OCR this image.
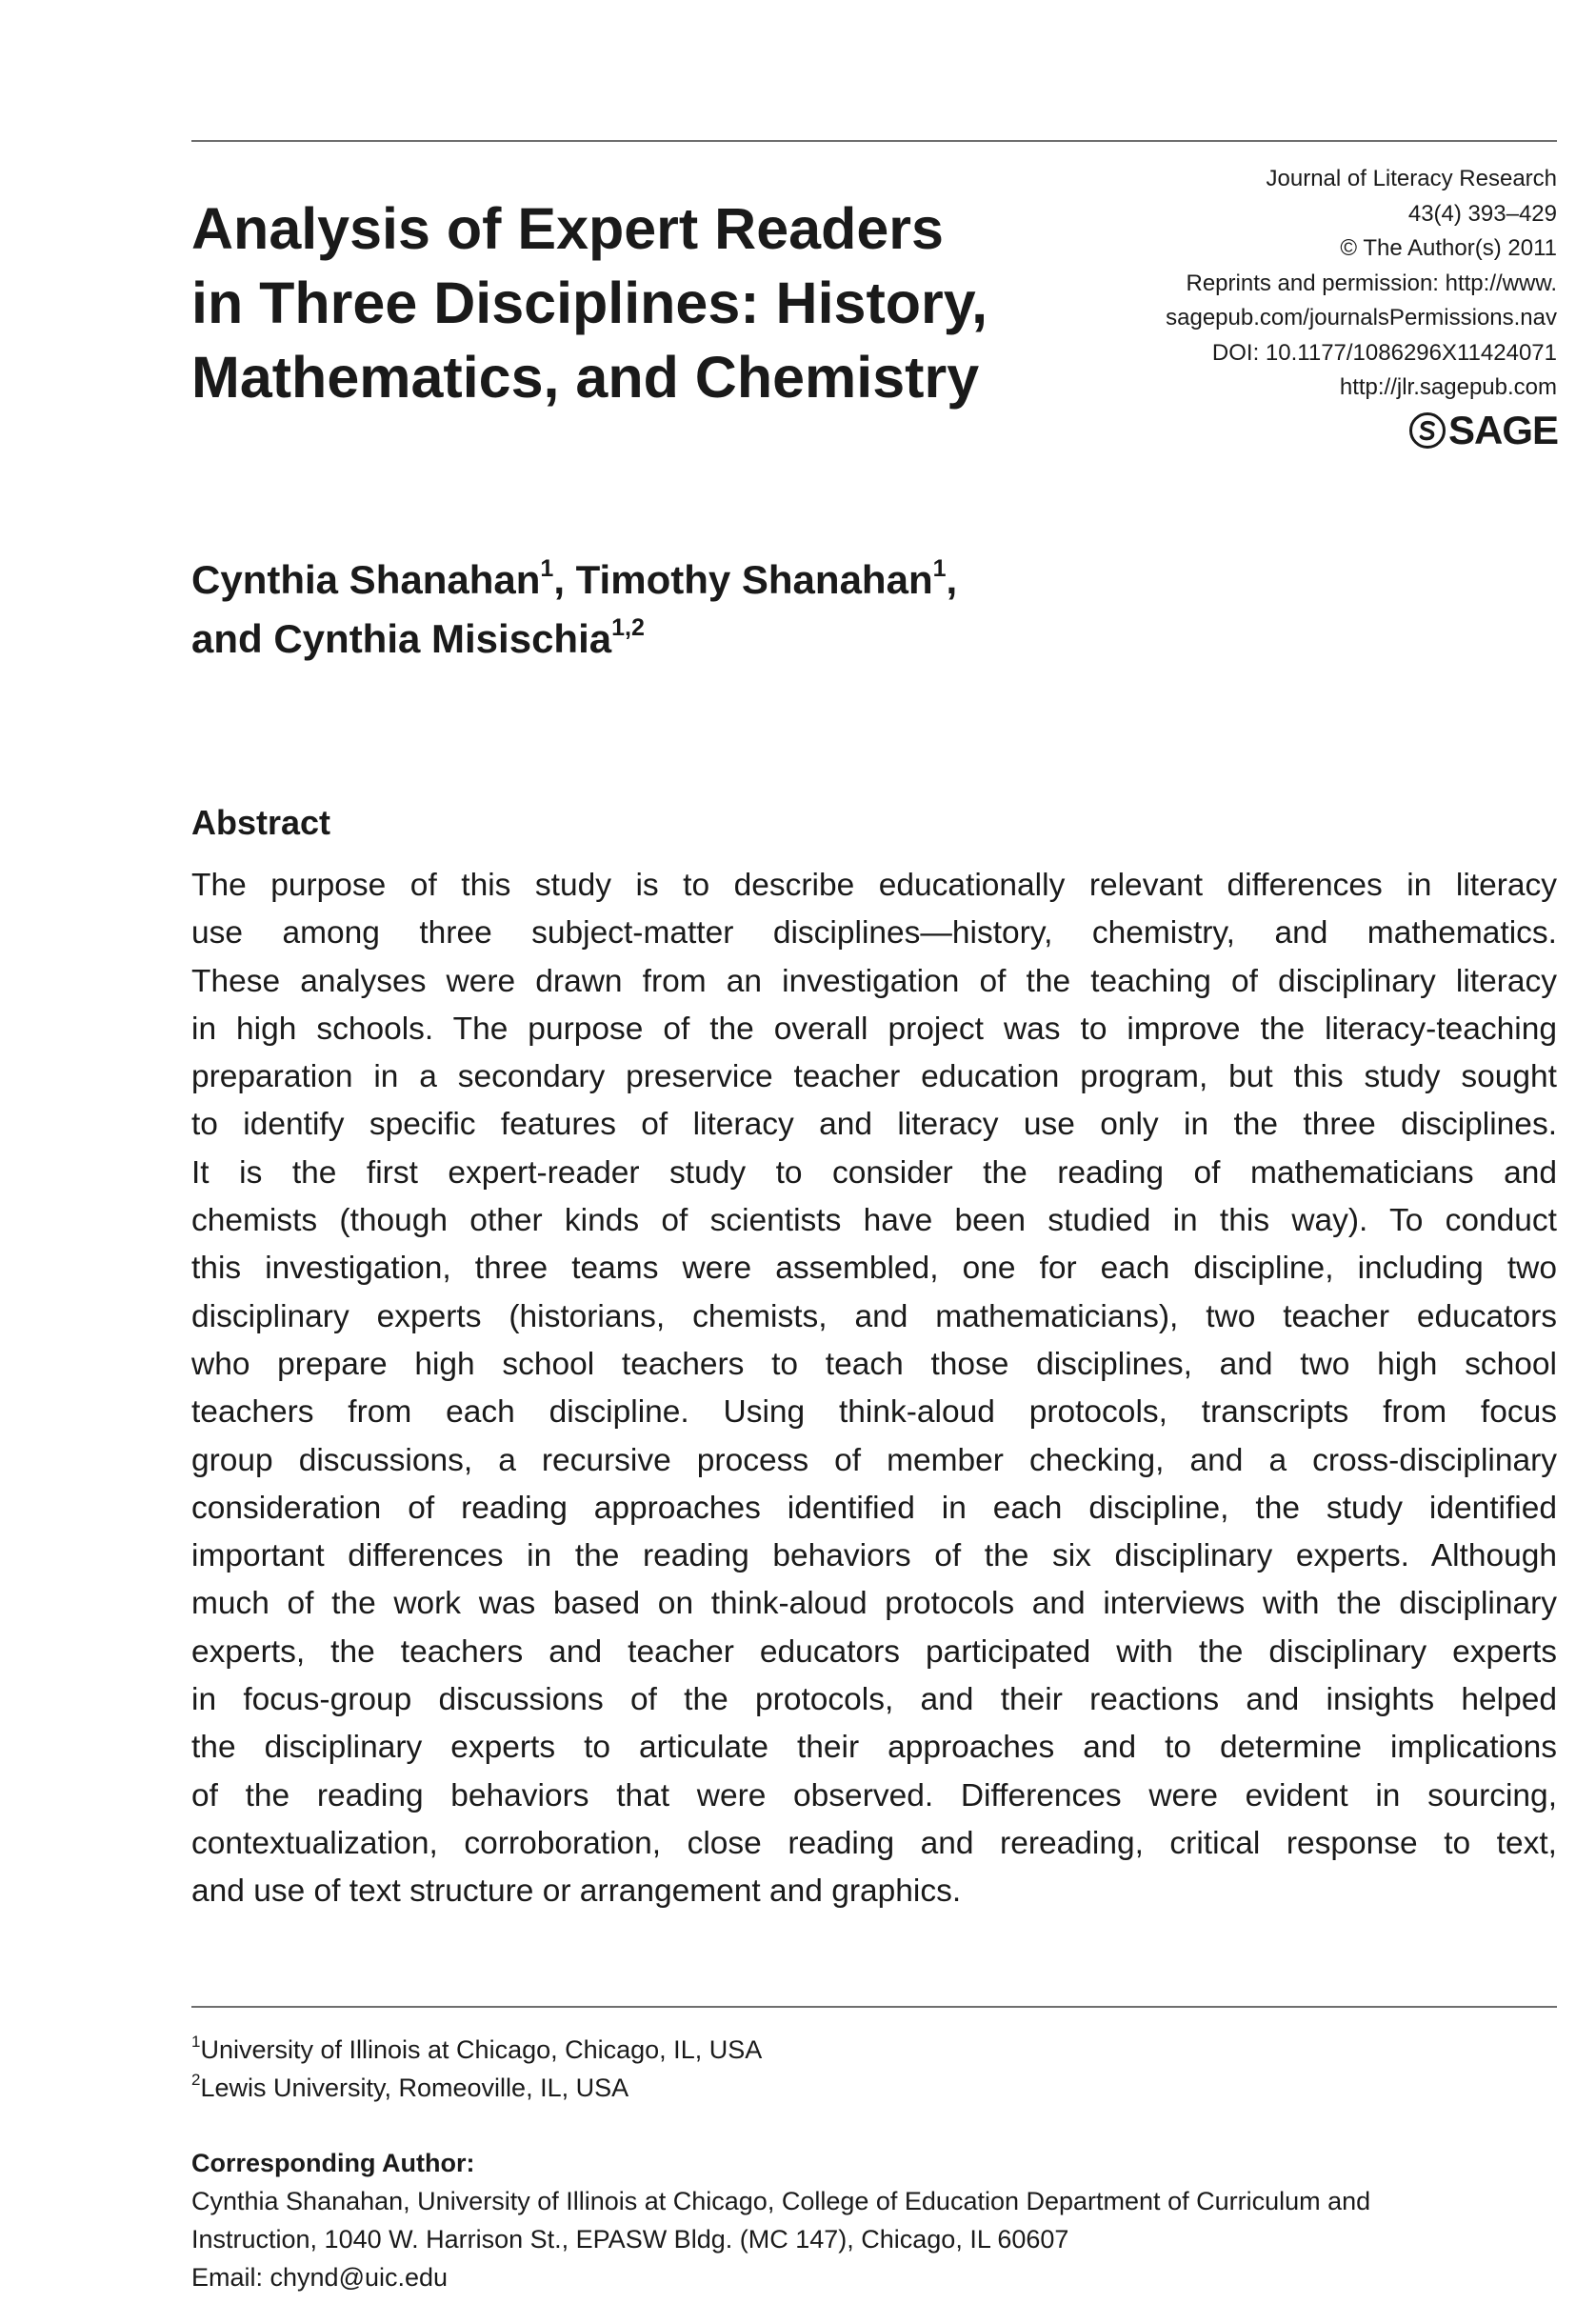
Analysis of Expert Readers
in Three Disciplines: History,
Mathematics, and Chemistry
Journal of Literacy Research
43(4) 393–429
© The Author(s) 2011
Reprints and permission: http://www.
sagepub.com/journalsPermissions.nav
DOI: 10.1177/1086296X11424071
http://jlr.sagepub.com
SAGE
Cynthia Shanahan$^1$, Timothy Shanahan$^1$,
and Cynthia Misischia$^{1,2}$
Abstract
The purpose of this study is to describe educationally relevant differences in literacy
use among three subject-matter disciplines—history, chemistry, and mathematics.
These analyses were drawn from an investigation of the teaching of disciplinary literacy
in high schools. The purpose of the overall project was to improve the literacy-teaching
preparation in a secondary preservice teacher education program, but this study sought
to identify specific features of literacy and literacy use only in the three disciplines.
It is the first expert-reader study to consider the reading of mathematicians and
chemists (though other kinds of scientists have been studied in this way). To conduct
this investigation, three teams were assembled, one for each discipline, including two
disciplinary experts (historians, chemists, and mathematicians), two teacher educators
who prepare high school teachers to teach those disciplines, and two high school
teachers from each discipline. Using think-aloud protocols, transcripts from focus
group discussions, a recursive process of member checking, and a cross-disciplinary
consideration of reading approaches identified in each discipline, the study identified
important differences in the reading behaviors of the six disciplinary experts. Although
much of the work was based on think-aloud protocols and interviews with the disciplinary
experts, the teachers and teacher educators participated with the disciplinary experts
in focus-group discussions of the protocols, and their reactions and insights helped
the disciplinary experts to articulate their approaches and to determine implications
of the reading behaviors that were observed. Differences were evident in sourcing,
contextualization, corroboration, close reading and rereading, critical response to text,
and use of text structure or arrangement and graphics.
$^1$University of Illinois at Chicago, Chicago, IL, USA
$^2$Lewis University, Romeoville, IL, USA
Corresponding Author:
Cynthia Shanahan, University of Illinois at Chicago, College of Education Department of Curriculum and
Instruction, 1040 W. Harrison St., EPASW Bldg. (MC 147), Chicago, IL 60607
Email: chynd@uic.edu
